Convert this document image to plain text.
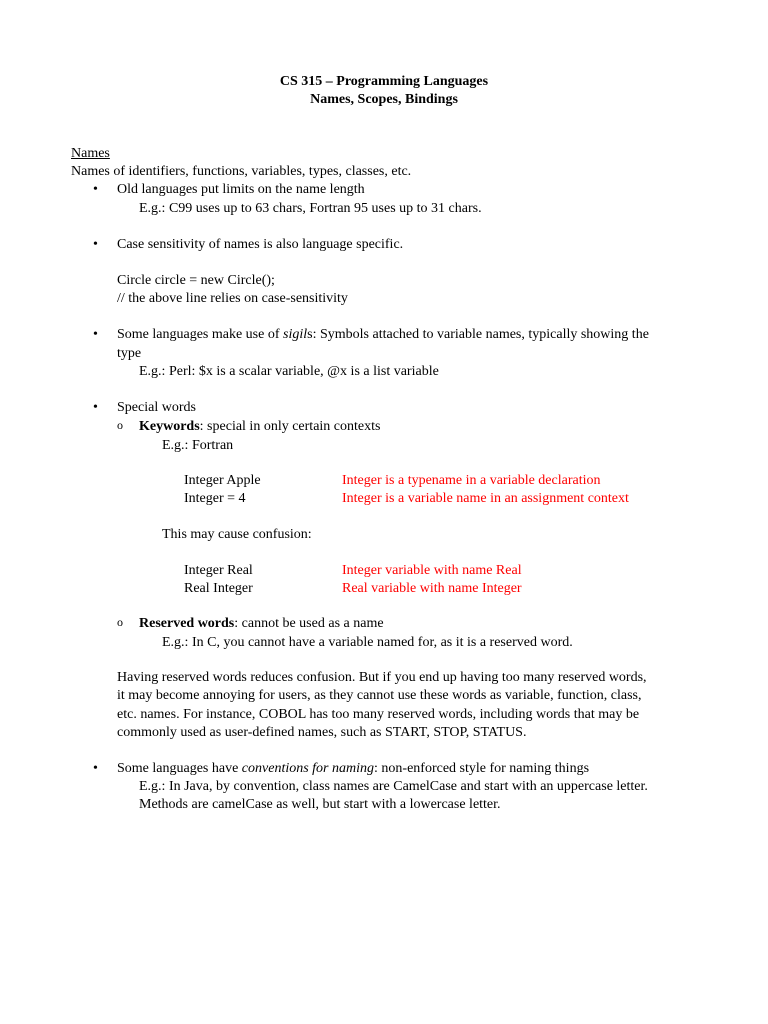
CS 315 – Programming Languages
Names, Scopes, Bindings
Names
Names of identifiers, functions, variables, types, classes, etc.
• Old languages put limits on the name length
E.g.: C99 uses up to 63 chars, Fortran 95 uses up to 31 chars.
• Case sensitivity of names is also language specific.
Circle circle = new Circle();
// the above line relies on case-sensitivity
• Some languages make use of sigils: Symbols attached to variable names, typically showing the
type
E.g.: Perl: $x is a scalar variable, @x is a list variable
• Special words
o Keywords: special in only certain contexts
E.g.: Fortran
Integer Apple	Integer is a typename in a variable declaration
Integer = 4	Integer is a variable name in an assignment context
This may cause confusion:
Integer Real	Integer variable with name Real
Real Integer	Real variable with name Integer
o Reserved words: cannot be used as a name
E.g.: In C, you cannot have a variable named for, as it is a reserved word.
Having reserved words reduces confusion. But if you end up having too many reserved words,
it may become annoying for users, as they cannot use these words as variable, function, class,
etc. names. For instance, COBOL has too many reserved words, including words that may be
commonly used as user-defined names, such as START, STOP, STATUS.
• Some languages have conventions for naming: non-enforced style for naming things
E.g.: In Java, by convention, class names are CamelCase and start with an uppercase letter.
Methods are camelCase as well, but start with a lowercase letter.
